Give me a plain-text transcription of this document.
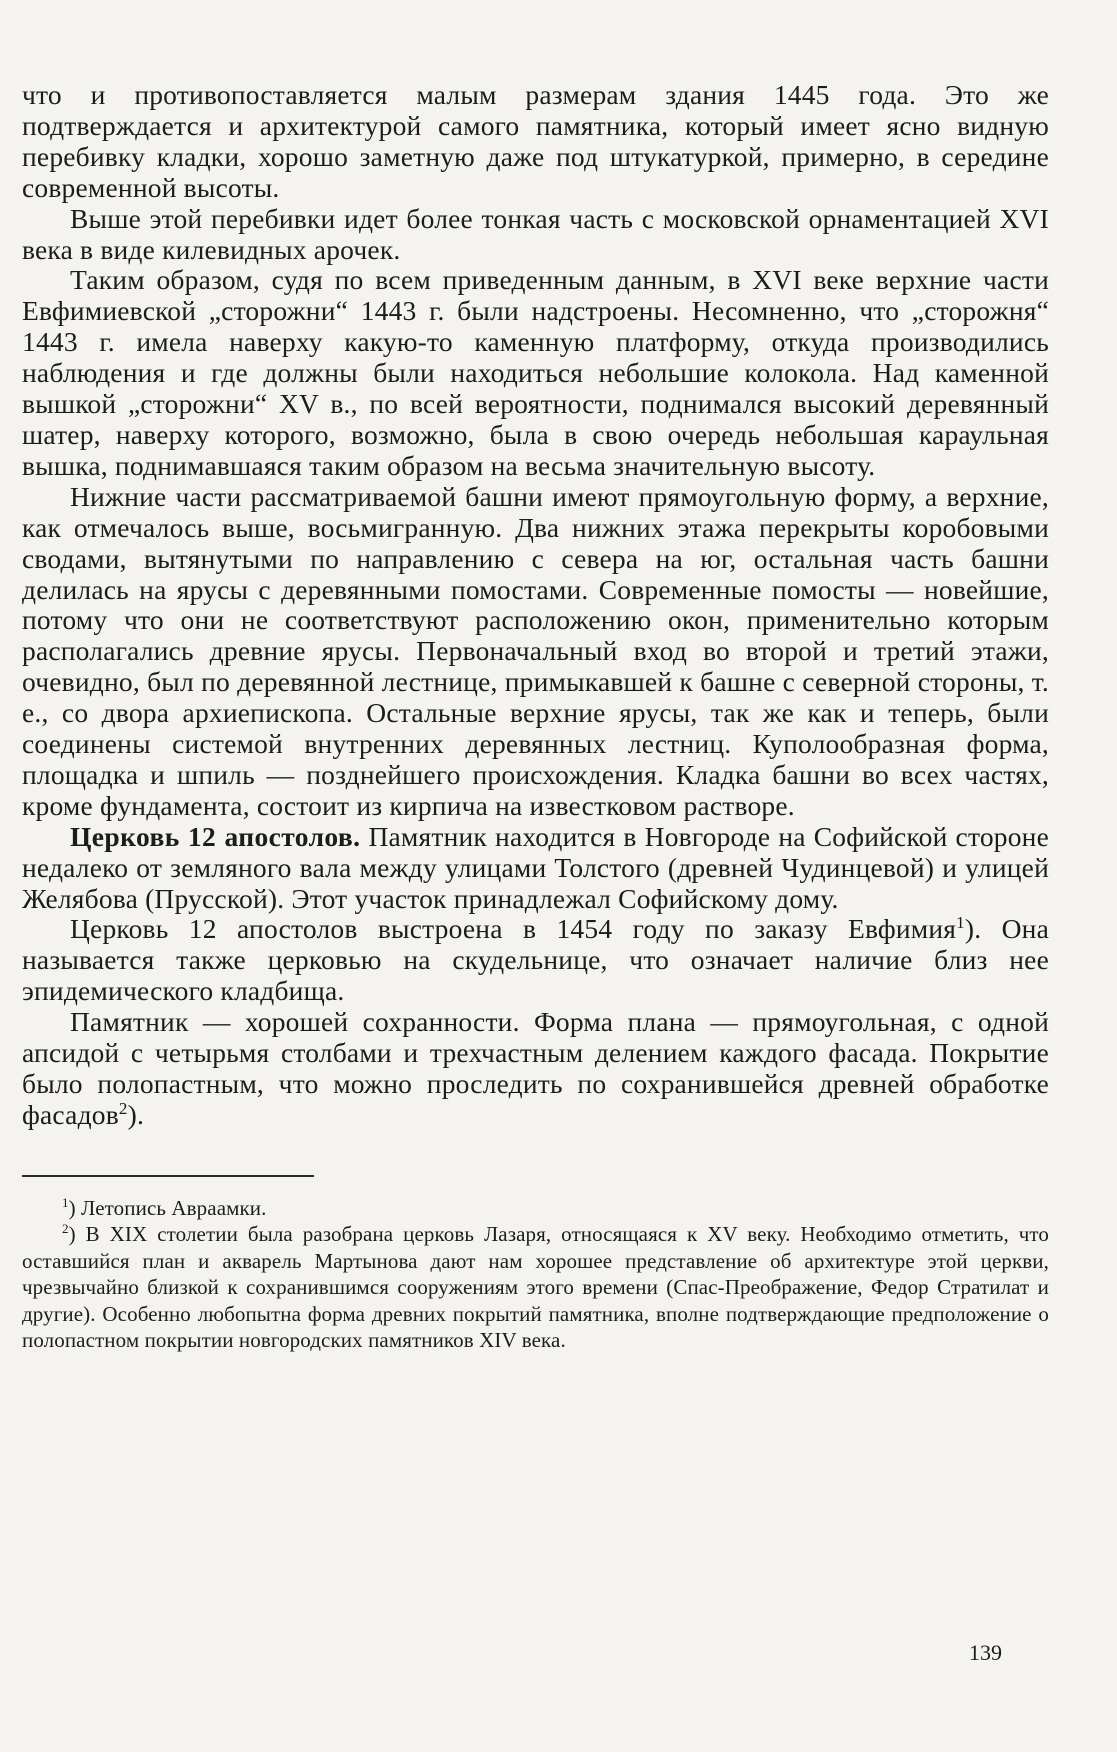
что и противопоставляется малым размерам здания 1445 года. Это же подтверждается и архитектурой самого памятника, который имеет ясно видную перебивку кладки, хорошо заметную даже под штукатуркой, примерно, в середине современной высоты.

Выше этой перебивки идет более тонкая часть с московской орнаментацией XVI века в виде килевидных арочек.

Таким образом, судя по всем приведенным данным, в XVI веке верхние части Евфимиевской „сторожни“ 1443 г. были надстроены. Несомненно, что „сторожня“ 1443 г. имела наверху какую-то каменную платформу, откуда производились наблюдения и где должны были находиться небольшие колокола. Над каменной вышкой „сторожни“ XV в., по всей вероятности, поднимался высокий деревянный шатер, наверху которого, возможно, была в свою очередь небольшая караульная вышка, поднимавшаяся таким образом на весьма значительную высоту.

Нижние части рассматриваемой башни имеют прямоугольную форму, а верхние, как отмечалось выше, восьмигранную. Два нижних этажа перекрыты коробовыми сводами, вытянутыми по направлению с севера на юг, остальная часть башни делилась на ярусы с деревянными помостами. Современные помосты — новейшие, потому что они не соответствуют расположению окон, применительно которым располагались древние ярусы. Первоначальный вход во второй и третий этажи, очевидно, был по деревянной лестнице, примыкавшей к башне с северной стороны, т. е., со двора архиепископа. Остальные верхние ярусы, так же как и теперь, были соединены системой внутренних деревянных лестниц. Куполообразная форма, площадка и шпиль — позднейшего происхождения. Кладка башни во всех частях, кроме фундамента, состоит из кирпича на известковом растворе.

Церковь 12 апостолов. Памятник находится в Новгороде на Софийской стороне недалеко от земляного вала между улицами Толстого (древней Чудинцевой) и улицей Желябова (Прусской). Этот участок принадлежал Софийскому дому.

Церковь 12 апостолов выстроена в 1454 году по заказу Евфимия$^1$). Она называется также церковью на скудельнице, что означает наличие близ нее эпидемического кладбища.

Памятник — хорошей сохранности. Форма плана — прямоугольная, с одной апсидой с четырьмя столбами и трехчастным делением каждого фасада. Покрытие было полопастным, что можно проследить по сохранившейся древней обработке фасадов$^2$).

$^1$) Летопись Авраамки.

$^2$) В XIX столетии была разобрана церковь Лазаря, относящаяся к XV веку. Необходимо отметить, что оставшийся план и акварель Мартынова дают нам хорошее представление об архитектуре этой церкви, чрезвычайно близкой к сохранившимся сооружениям этого времени (Спас-Преображение, Федор Стратилат и другие). Особенно любопытна форма древних покрытий памятника, вполне подтверждающие предположение о полопастном покрытии новгородских памятников XIV века.

139
